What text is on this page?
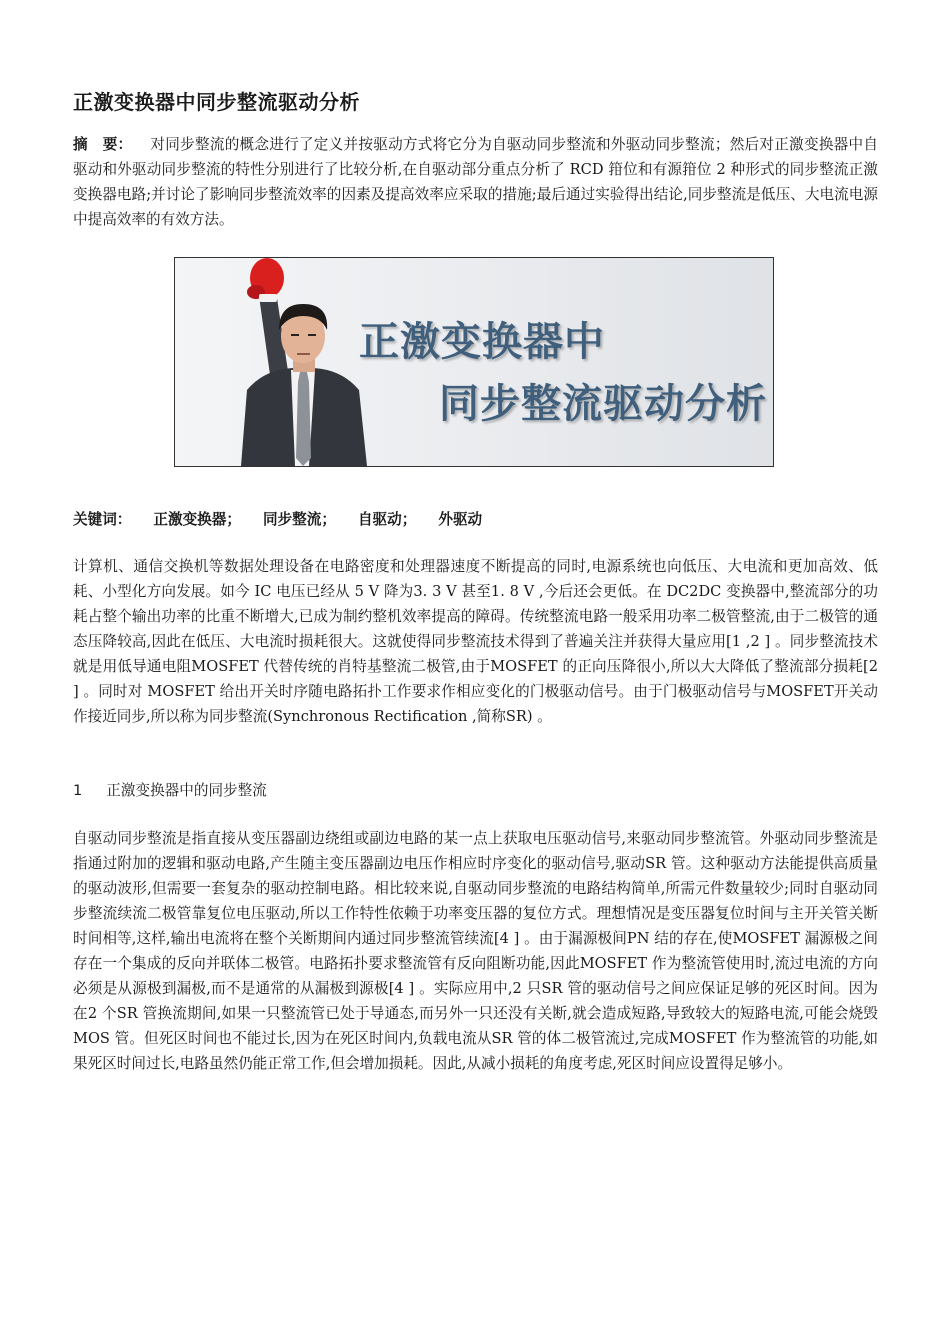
正激变换器中同步整流驱动分析

摘　要： 对同步整流的概念进行了定义并按驱动方式将它分为自驱动同步整流和外驱动同步整流；然后对正激变换器中自驱动和外驱动同步整流的特性分别进行了比较分析,在自驱动部分重点分析了 RCD 箝位和有源箝位 2 种形式的同步整流正激变换器电路;并讨论了影响同步整流效率的因素及提高效率应采取的措施;最后通过实验得出结论,同步整流是低压、大电流电源中提高效率的有效方法。

正激变换器中
同步整流驱动分析
关键词： 正激变换器； 同步整流； 自驱动； 外驱动

计算机、通信交换机等数据处理设备在电路密度和处理器速度不断提高的同时,电源系统也向低压、大电流和更加高效、低耗、小型化方向发展。如今 IC 电压已经从 5 V 降为3. 3 V 甚至1. 8 V ,今后还会更低。在 DC2DC 变换器中,整流部分的功耗占整个输出功率的比重不断增大,已成为制约整机效率提高的障碍。传统整流电路一般采用功率二极管整流,由于二极管的通态压降较高,因此在低压、大电流时损耗很大。这就使得同步整流技术得到了普遍关注并获得大量应用[1 ,2 ] 。同步整流技术就是用低导通电阻MOSFET 代替传统的肖特基整流二极管,由于MOSFET 的正向压降很小,所以大大降低了整流部分损耗[2 ] 。同时对 MOSFET 给出开关时序随电路拓扑工作要求作相应变化的门极驱动信号。由于门极驱动信号与MOSFET开关动作接近同步,所以称为同步整流(Synchronous Rectification ,简称SR) 。

1 正激变换器中的同步整流

自驱动同步整流是指直接从变压器副边绕组或副边电路的某一点上获取电压驱动信号,来驱动同步整流管。外驱动同步整流是指通过附加的逻辑和驱动电路,产生随主变压器副边电压作相应时序变化的驱动信号,驱动SR 管。这种驱动方法能提供高质量的驱动波形,但需要一套复杂的驱动控制电路。相比较来说,自驱动同步整流的电路结构简单,所需元件数量较少;同时自驱动同步整流续流二极管靠复位电压驱动,所以工作特性依赖于功率变压器的复位方式。理想情况是变压器复位时间与主开关管关断时间相等,这样,输出电流将在整个关断期间内通过同步整流管续流[4 ] 。由于漏源极间PN 结的存在,使MOSFET 漏源极之间存在一个集成的反向并联体二极管。电路拓扑要求整流管有反向阻断功能,因此MOSFET 作为整流管使用时,流过电流的方向必须是从源极到漏极,而不是通常的从漏极到源极[4 ] 。实际应用中,2 只SR 管的驱动信号之间应保证足够的死区时间。因为在2 个SR 管换流期间,如果一只整流管已处于导通态,而另外一只还没有关断,就会造成短路,导致较大的短路电流,可能会烧毁MOS 管。但死区时间也不能过长,因为在死区时间内,负载电流从SR 管的体二极管流过,完成MOSFET 作为整流管的功能,如果死区时间过长,电路虽然仍能正常工作,但会增加损耗。因此,从减小损耗的角度考虑,死区时间应设置得足够小。
